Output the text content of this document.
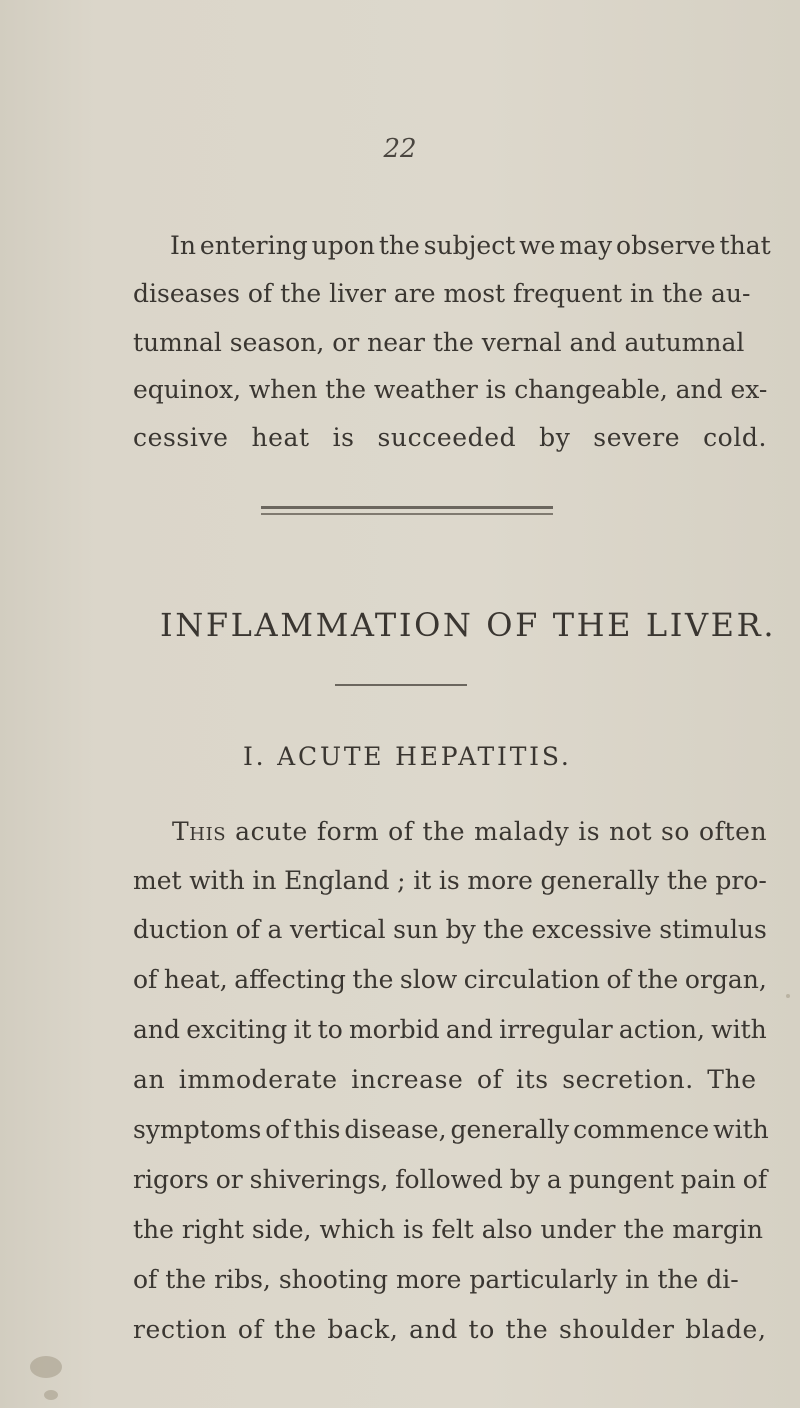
22
In entering upon the subject we may observe that
diseases of the liver are most frequent in the au-
tumnal season, or near the vernal and autumnal
equinox, when the weather is changeable, and ex-
cessive heat is succeeded by severe cold.
INFLAMMATION OF THE LIVER.
I. ACUTE HEPATITIS.
This acute form of the malady is not so often
met with in England ; it is more generally the pro-
duction of a vertical sun by the excessive stimulus
of heat, affecting the slow circulation of the organ,
and exciting it to morbid and irregular action, with
an immoderate increase of its secretion. The
symptoms of this disease, generally commence with
rigors or shiverings, followed by a pungent pain of
the right side, which is felt also under the margin
of the ribs, shooting more particularly in the di-
rection of the back, and to the shoulder blade,
